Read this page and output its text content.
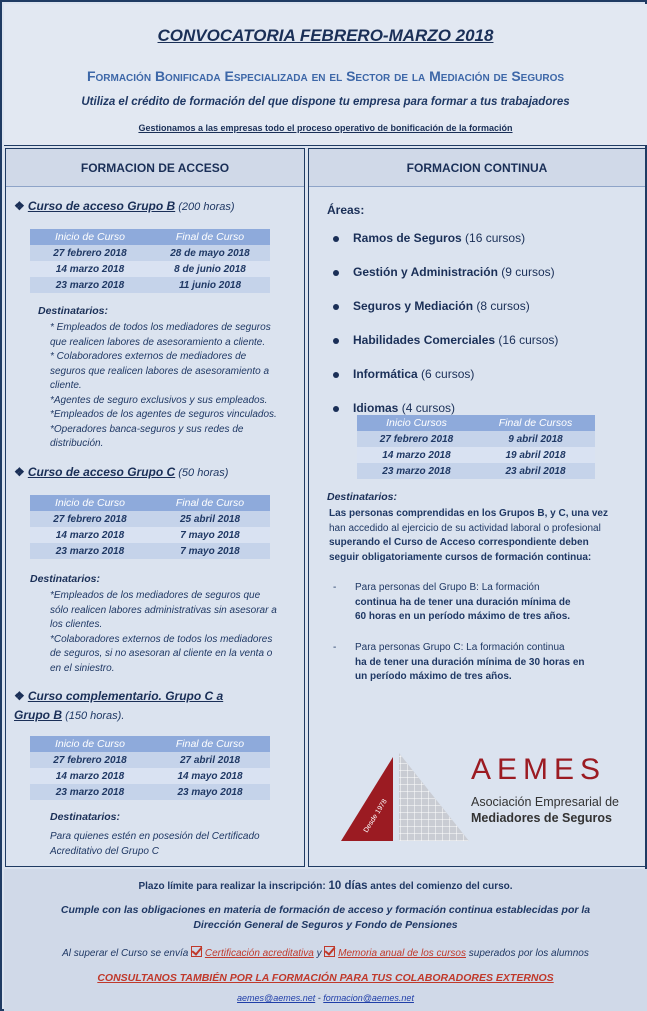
CONVOCATORIA FEBRERO-MARZO 2018
Formación Bonificada Especializada en el Sector de la Mediación de Seguros
Utiliza el crédito de formación del que dispone tu empresa para formar a tus trabajadores
Gestionamos a las empresas todo el proceso operativo de bonificación de la formación
FORMACION DE ACCESO
❖ Curso de acceso Grupo B (200 horas)
Inicio de Curso	Final de Curso
27 febrero 2018	28 de mayo 2018
14 marzo 2018	8 de junio 2018
23 marzo 2018	11 junio 2018
Destinatarios:
* Empleados de todos los mediadores de seguros
que realicen labores de asesoramiento a cliente.
* Colaboradores externos de mediadores de
seguros que realicen labores de asesoramiento a
cliente.
*Agentes de seguro exclusivos y sus empleados.
*Empleados de los agentes de seguros vinculados.
*Operadores banca-seguros y sus redes de
distribución.
❖ Curso de acceso Grupo C (50 horas)
Inicio de Curso	Final de Curso
27 febrero 2018	25 abril 2018
14 marzo 2018	7 mayo 2018
23 marzo 2018	7 mayo 2018
Destinatarios:
*Empleados de los mediadores de seguros que
sólo realicen labores administrativas sin asesorar a
los clientes.
*Colaboradores externos de todos los mediadores
de seguros, si no asesoran al cliente en la venta o
en el siniestro.
❖ Curso complementario. Grupo C a
Grupo B (150 horas).
Inicio de Curso	Final de Curso
27 febrero 2018	27 abril 2018
14 marzo 2018	14 mayo 2018
23 marzo 2018	23 mayo 2018
Destinatarios:
Para quienes estén en posesión del Certificado
Acreditativo del Grupo C
FORMACION CONTINUA
Áreas:
Ramos de Seguros (16 cursos)
Gestión y Administración (9 cursos)
Seguros y Mediación (8 cursos)
Habilidades Comerciales (16 cursos)
Informática (6 cursos)
Idiomas (4 cursos)
Inicio Cursos	Final de Cursos
27 febrero 2018	9 abril 2018
14 marzo 2018	19 abril 2018
23 marzo 2018	23 abril 2018
Destinatarios:
Las personas comprendidas en los Grupos B, y C, una vez
han accedido al ejercicio de su actividad laboral o profesional
superando el Curso de Acceso correspondiente deben
seguir obligatoriamente cursos de formación continua:
- Para personas del Grupo B: La formación
continua ha de tener una duración mínima de
60 horas en un período máximo de tres años.
- Para personas Grupo C: La formación continua
ha de tener una duración mínima de 30 horas en
un período máximo de tres años.
Desde 1978
AEMES
Asociación Empresarial de
Mediadores de Seguros
Plazo límite para realizar la inscripción: 10 días antes del comienzo del curso.
Cumple con las obligaciones en materia de formación de acceso y formación continua establecidas por la
Dirección General de Seguros y Fondo de Pensiones
Al superar el Curso se envía Certificación acreditativa y Memoria anual de los cursos superados por los alumnos
CONSULTANOS TAMBIÉN POR LA FORMACIÓN PARA TUS COLABORADORES EXTERNOS
aemes@aemes.net - formacion@aemes.net
